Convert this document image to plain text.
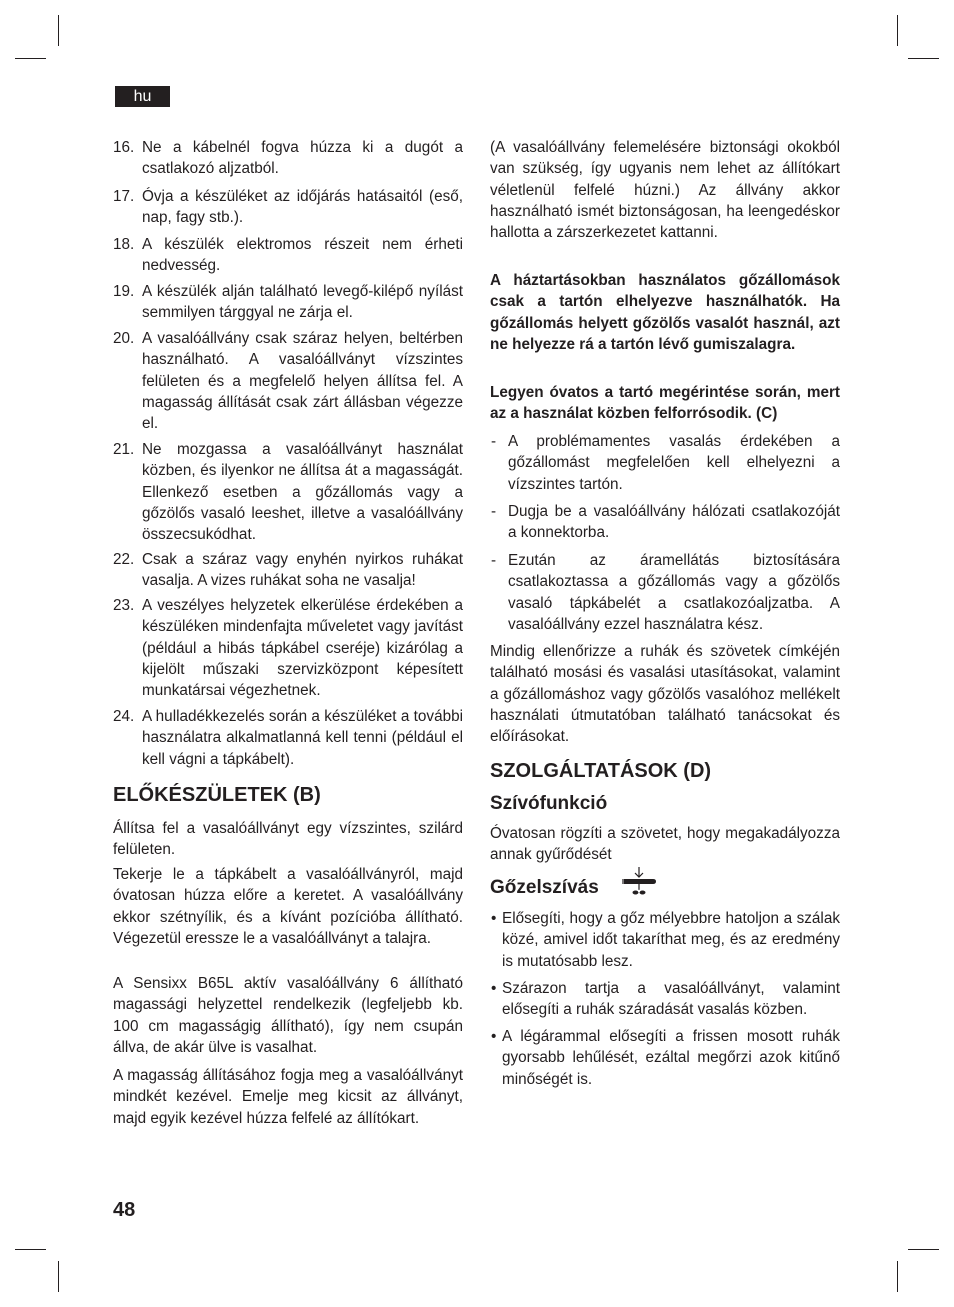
hu
16. Ne a kábelnél fogva húzza ki a dugót a csatlakozó aljzatból.
17. Óvja a készüléket az időjárás hatásaitól (eső, nap, fagy stb.).
18. A készülék elektromos részeit nem érheti nedvesség.
19. A készülék alján található levegő-kilépő nyílást semmilyen tárggyal ne zárja el.
20. A vasalóállvány csak száraz helyen, beltérben használható. A vasalóállványt vízszintes felületen és a megfelelő helyen állítsa fel. A magasság állítását csak zárt állásban végezze el.
21. Ne mozgassa a vasalóállványt használat közben, és ilyenkor ne állítsa át a magasságát. Ellenkező esetben a gőzállomás vagy a gőzölős vasaló leeshet, illetve a vasalóállvány összecsukódhat.
22. Csak a száraz vagy enyhén nyirkos ruhákat vasalja. A vizes ruhákat soha ne vasalja!
23. A veszélyes helyzetek elkerülése érdekében a készüléken mindenfajta műveletet vagy javítást (például a hibás tápkábel cseréje) kizárólag a kijelölt műszaki szervizközpont képesített munkatársai végezhetnek.
24. A hulladékkezelés során a készüléket a további használatra alkalmatlanná kell tenni (például el kell vágni a tápkábelt).
ELŐKÉSZÜLETEK (B)
Állítsa fel a vasalóállványt egy vízszintes, szilárd felületen.
Tekerje le a tápkábelt a vasalóállványról, majd óvatosan húzza előre a keretet. A vasalóállvány ekkor szétnyílik, és a kívánt pozícióba állítható. Végezetül eressze le a vasalóállványt a talajra.
A Sensixx B65L aktív vasalóállvány 6 állítható magassági helyzettel rendelkezik (legfeljebb kb. 100 cm magasságig állítható), így nem csupán állva, de akár ülve is vasalhat.
A magasság állításához fogja meg a vasalóállványt mindkét kezével. Emelje meg kicsit az állványt, majd egyik kezével húzza felfelé az állítókart.
(A vasalóállvány felemelésére biztonsági okokból van szükség, így ugyanis nem lehet az állítókart véletlenül felfelé húzni.) Az állvány akkor használható ismét biztonságosan, ha leengedéskor hallotta a zárszerkezetet kattanni.
A háztartásokban használatos gőzállomások csak a tartón elhelyezve használhatók. Ha gőzállomás helyett gőzölős vasalót használ, azt ne helyezze rá a tartón lévő gumiszalagra.
Legyen óvatos a tartó megérintése során, mert az a használat közben felforrósodik. (C)
- A problémamentes vasalás érdekében a gőzállomást megfelelően kell elhelyezni a vízszintes tartón.
- Dugja be a vasalóállvány hálózati csatlakozóját a konnektorba.
- Ezután az áramellátás biztosítására csatlakoztassa a gőzállomás vagy a gőzölős vasaló tápkábelét a csatlakozóaljzatba. A vasalóállvány ezzel használatra kész.
Mindig ellenőrizze a ruhák és szövetek címkéjén található mosási és vasalási utasításokat, valamint a gőzállomáshoz vagy gőzölős vasalóhoz mellékelt használati útmutatóban található tanácsokat és előírásokat.
SZOLGÁLTATÁSOK (D)
Szívófunkció
Óvatosan rögzíti a szövetet, hogy megakadályozza annak gyűrődését
Gőzelszívás
• Elősegíti, hogy a gőz mélyebbre hatoljon a szálak közé, amivel időt takaríthat meg, és az eredmény is mutatósabb lesz.
• Szárazon tartja a vasalóállványt, valamint elősegíti a ruhák száradását vasalás közben.
• A légárammal elősegíti a frissen mosott ruhák gyorsabb lehűlését, ezáltal megőrzi azok kitűnő minőségét is.
48
